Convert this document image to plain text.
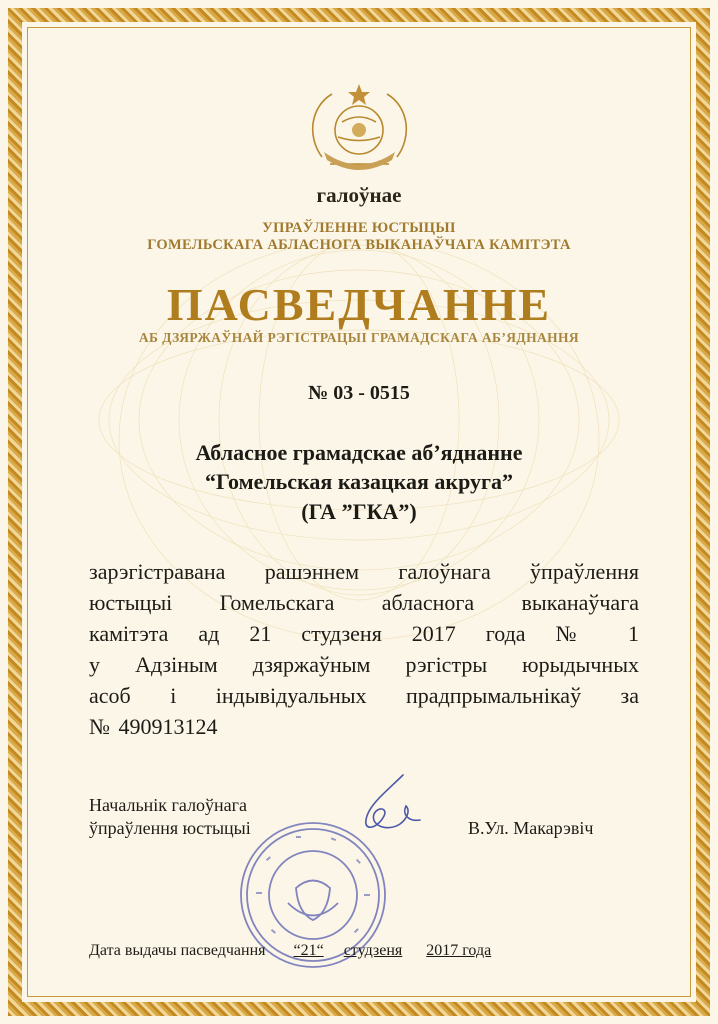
галоўнае
УПРАЎЛЕННЕ ЮСТЫЦЫІ
ГОМЕЛЬСКАГА АБЛАСНОГА ВЫКАНАЎЧАГА КАМІТЭТА
ПАСВЕДЧАННЕ
АБ ДЗЯРЖАЎНАЙ РЭГІСТРАЦЫІ ГРАМАДСКАГА АБ’ЯДНАННЯ
№ 03 - 0515
Абласное грамадскае аб’яднанне
“Гомельская казацкая акруга”
(ГА ”ГКА”)
зарэгістравана рашэннем галоўнага ўпраўлення
юстыцыі Гомельскага абласнога выканаўчага
камітэта ад 21 студзеня 2017 года № 1
у Адзіным дзяржаўным рэгістры юрыдычных
асоб і індывідуальных прадпрымальнікаў за
№ 490913124
Начальнік галоўнага
ўпраўлення юстыцыі	В.Ул. Макарэвіч
Дата выдачы пасведчання “21“ студзеня 2017 года
